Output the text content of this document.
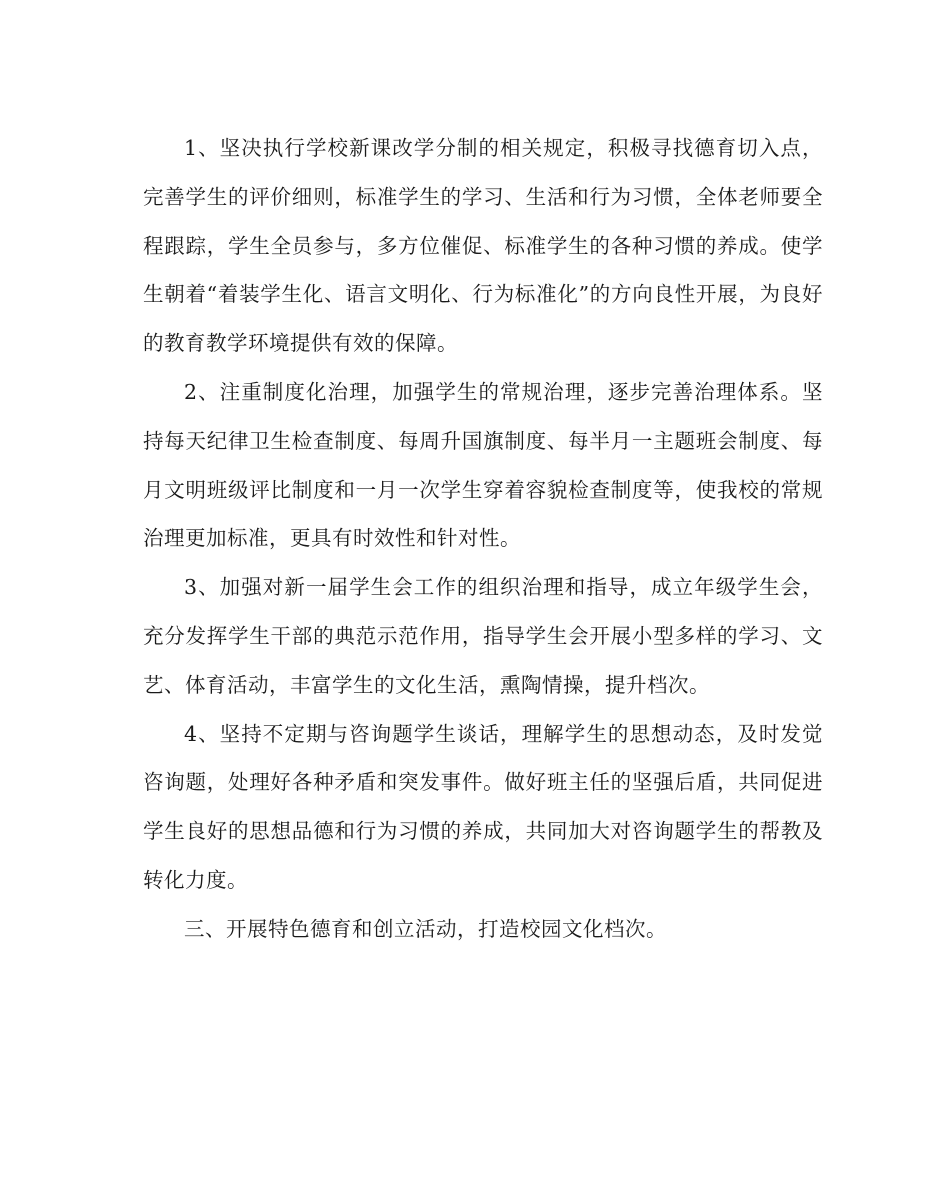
1、坚决执行学校新课改学分制的相关规定，积极寻找德育切入点，完善学生的评价细则，标准学生的学习、生活和行为习惯，全体老师要全程跟踪，学生全员参与，多方位催促、标准学生的各种习惯的养成。使学生朝着“着装学生化、语言文明化、行为标准化”的方向良性开展，为良好的教育教学环境提供有效的保障。

2、注重制度化治理，加强学生的常规治理，逐步完善治理体系。坚持每天纪律卫生检查制度、每周升国旗制度、每半月一主题班会制度、每月文明班级评比制度和一月一次学生穿着容貌检查制度等，使我校的常规治理更加标准，更具有时效性和针对性。

3、加强对新一届学生会工作的组织治理和指导，成立年级学生会，充分发挥学生干部的典范示范作用，指导学生会开展小型多样的学习、文艺、体育活动，丰富学生的文化生活，熏陶情操，提升档次。

4、坚持不定期与咨询题学生谈话，理解学生的思想动态，及时发觉咨询题，处理好各种矛盾和突发事件。做好班主任的坚强后盾，共同促进学生良好的思想品德和行为习惯的养成，共同加大对咨询题学生的帮教及转化力度。

三、开展特色德育和创立活动，打造校园文化档次。
